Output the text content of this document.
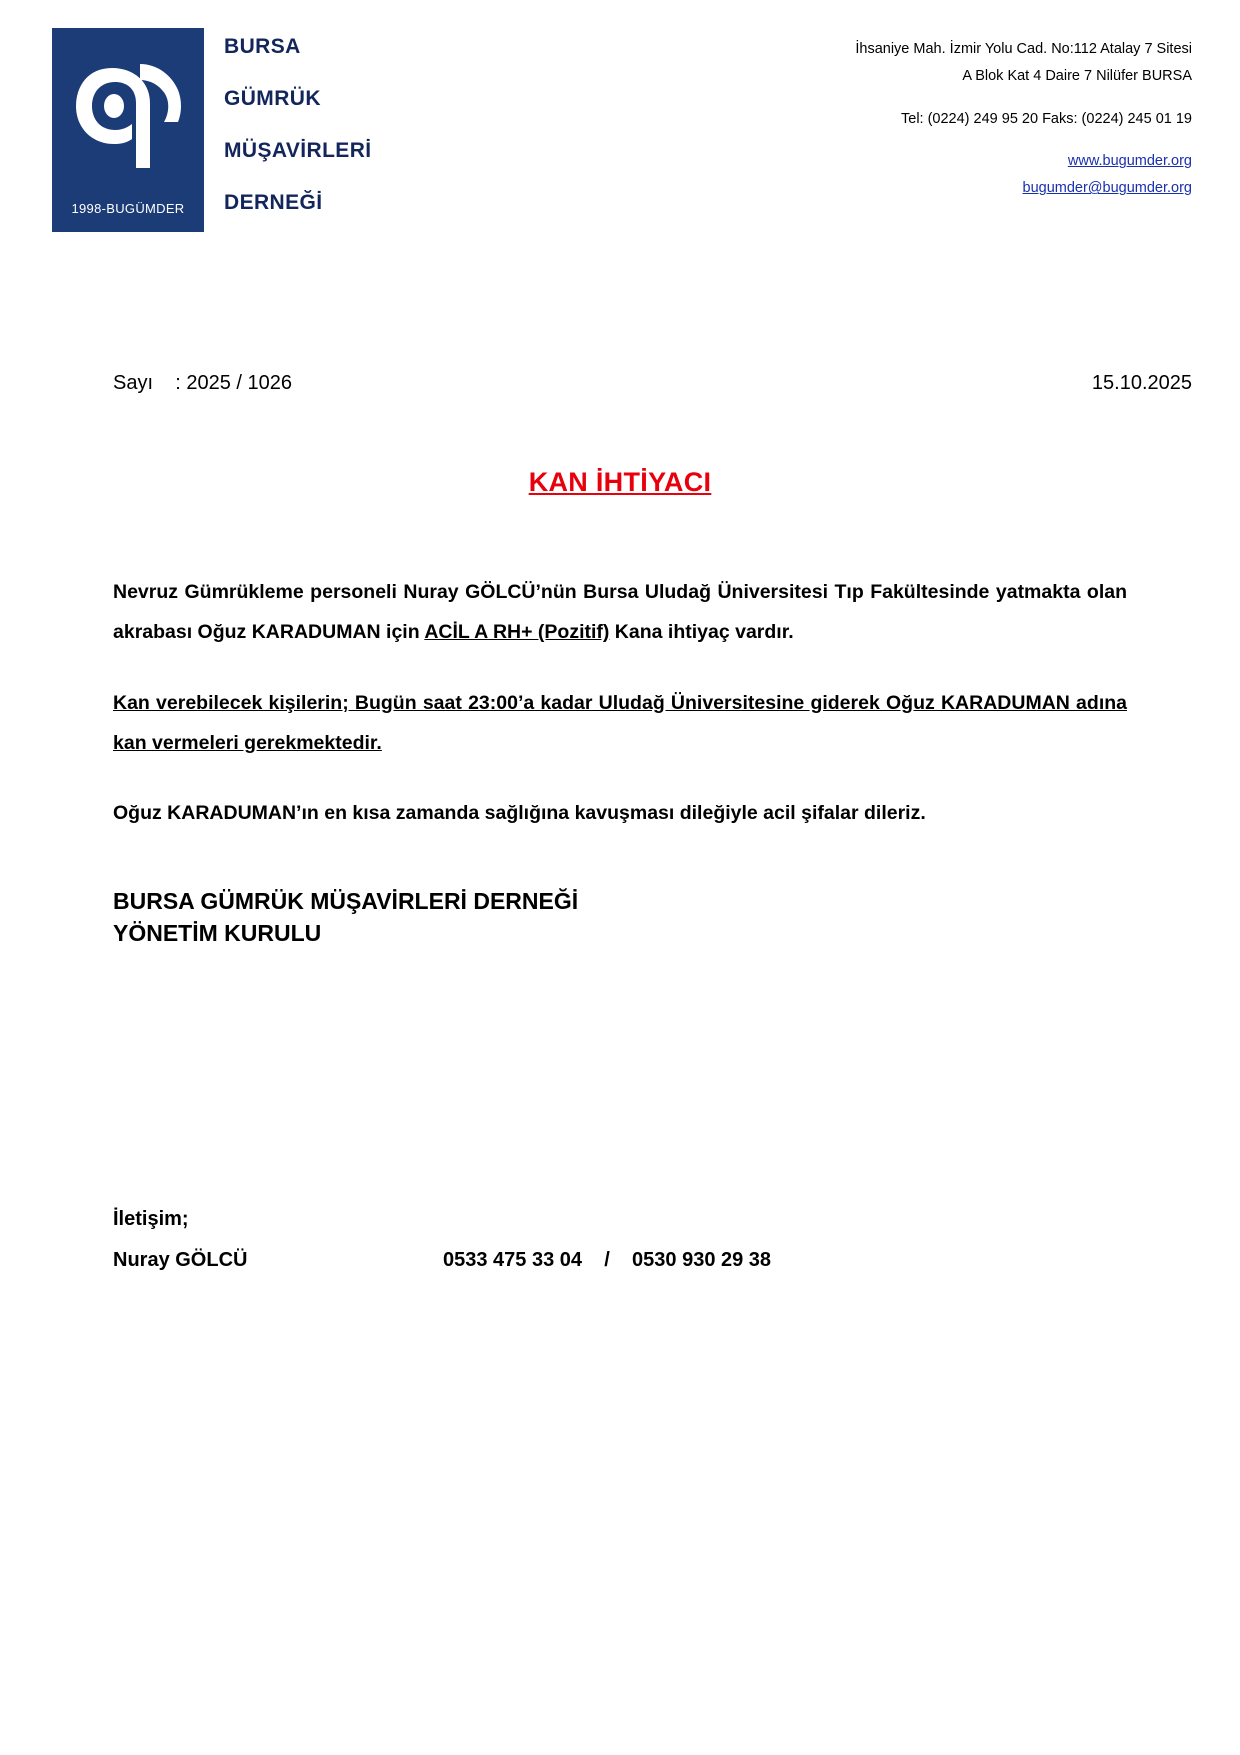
1998-BUGÜMDER
BURSA
GÜMRÜK
MÜŞAVİRLERİ
DERNEĞİ
İhsaniye Mah. İzmir Yolu Cad. No:112 Atalay 7 Sitesi
A Blok Kat 4 Daire 7 Nilüfer BURSA
Tel: (0224) 249 95 20 Faks: (0224) 245 01 19
www.bugumder.org
bugumder@bugumder.org
Sayı    : 2025 / 1026	15.10.2025
KAN İHTİYACI

Nevruz Gümrükleme personeli Nuray GÖLCÜ’nün Bursa Uludağ Üniversitesi Tıp Fakültesinde yatmakta olan akrabası Oğuz KARADUMAN için ACİL A RH+ (Pozitif) Kana ihtiyaç vardır.

Kan verebilecek kişilerin; Bugün saat 23:00’a kadar Uludağ Üniversitesine giderek Oğuz KARADUMAN adına kan vermeleri gerekmektedir.

Oğuz KARADUMAN’ın en kısa zamanda sağlığına kavuşması dileğiyle acil şifalar dileriz.

BURSA GÜMRÜK MÜŞAVİRLERİ DERNEĞİ
YÖNETİM KURULU
İletişim;
Nuray GÖLCÜ	0533 475 33 04    /    0530 930 29 38
